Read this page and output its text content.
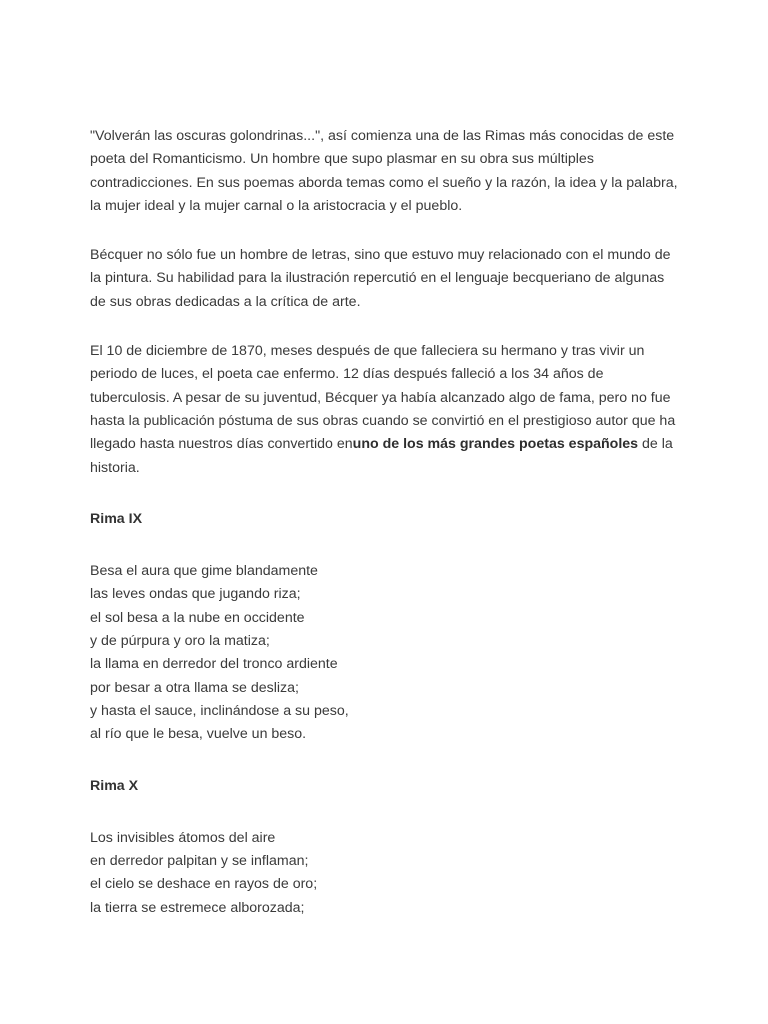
"Volverán las oscuras golondrinas...", así comienza una de las Rimas más conocidas de este poeta del Romanticismo. Un hombre que supo plasmar en su obra sus múltiples contradicciones. En sus poemas aborda temas como el sueño y la razón, la idea y la palabra, la mujer ideal y la mujer carnal o la aristocracia y el pueblo.

Bécquer no sólo fue un hombre de letras, sino que estuvo muy relacionado con el mundo de la pintura. Su habilidad para la ilustración repercutió en el lenguaje becqueriano de algunas de sus obras dedicadas a la crítica de arte.

El 10 de diciembre de 1870, meses después de que falleciera su hermano y tras vivir un periodo de luces, el poeta cae enfermo. 12 días después falleció a los 34 años de tuberculosis. A pesar de su juventud, Bécquer ya había alcanzado algo de fama, pero no fue hasta la publicación póstuma de sus obras cuando se convirtió en el prestigioso autor que ha llegado hasta nuestros días convertido enuno de los más grandes poetas españoles de la historia.

Rima IX

Besa el aura que gime blandamente
las leves ondas que jugando riza;
el sol besa a la nube en occidente
y de púrpura y oro la matiza;
la llama en derredor del tronco ardiente
por besar a otra llama se desliza;
y hasta el sauce, inclinándose a su peso,
al río que le besa, vuelve un beso.

Rima X

Los invisibles átomos del aire
en derredor palpitan y se inflaman;
el cielo se deshace en rayos de oro;
la tierra se estremece alborozada;
